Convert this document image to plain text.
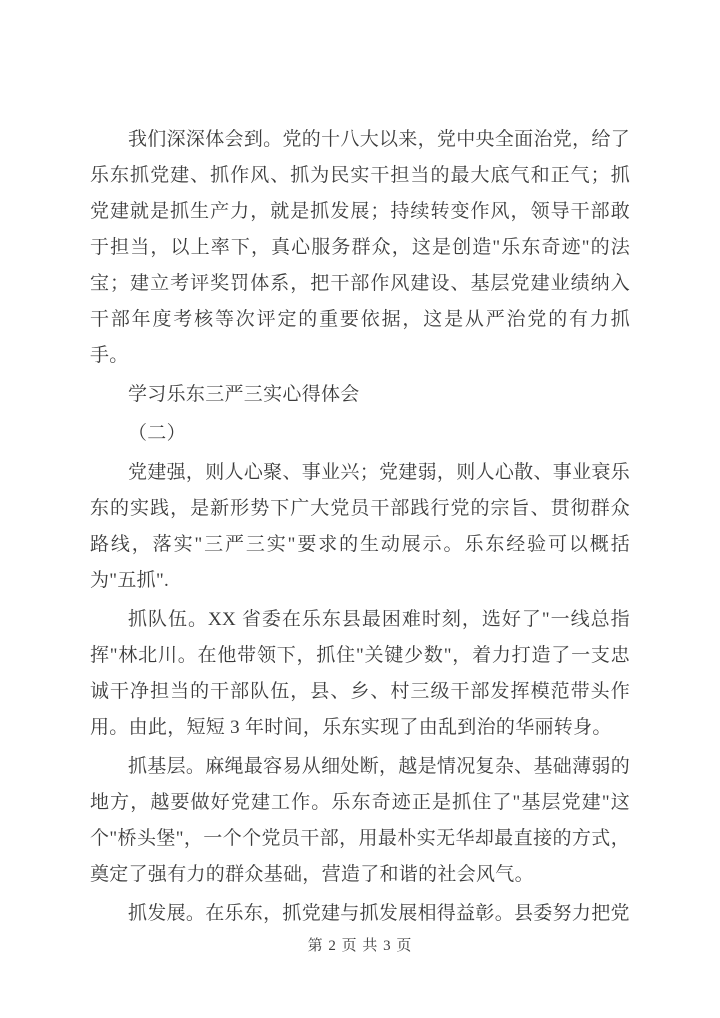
我们深深体会到。党的十八大以来，党中央全面治党，给了乐东抓党建、抓作风、抓为民实干担当的最大底气和正气；抓党建就是抓生产力，就是抓发展；持续转变作风，领导干部敢于担当，以上率下，真心服务群众，这是创造"乐东奇迹"的法宝；建立考评奖罚体系，把干部作风建设、基层党建业绩纳入干部年度考核等次评定的重要依据，这是从严治党的有力抓手。

学习乐东三严三实心得体会

（二）

党建强，则人心聚、事业兴；党建弱，则人心散、事业衰乐东的实践，是新形势下广大党员干部践行党的宗旨、贯彻群众路线，落实"三严三实"要求的生动展示。乐东经验可以概括为"五抓".

抓队伍。XX 省委在乐东县最困难时刻，选好了"一线总指挥"林北川。在他带领下，抓住"关键少数"，着力打造了一支忠诚干净担当的干部队伍，县、乡、村三级干部发挥模范带头作用。由此，短短 3 年时间，乐东实现了由乱到治的华丽转身。

抓基层。麻绳最容易从细处断，越是情况复杂、基础薄弱的地方，越要做好党建工作。乐东奇迹正是抓住了"基层党建"这个"桥头堡"，一个个党员干部，用最朴实无华却最直接的方式，奠定了强有力的群众基础，营造了和谐的社会风气。

抓发展。在乐东，抓党建与抓发展相得益彰。县委努力把党

第 2 页 共 3 页
